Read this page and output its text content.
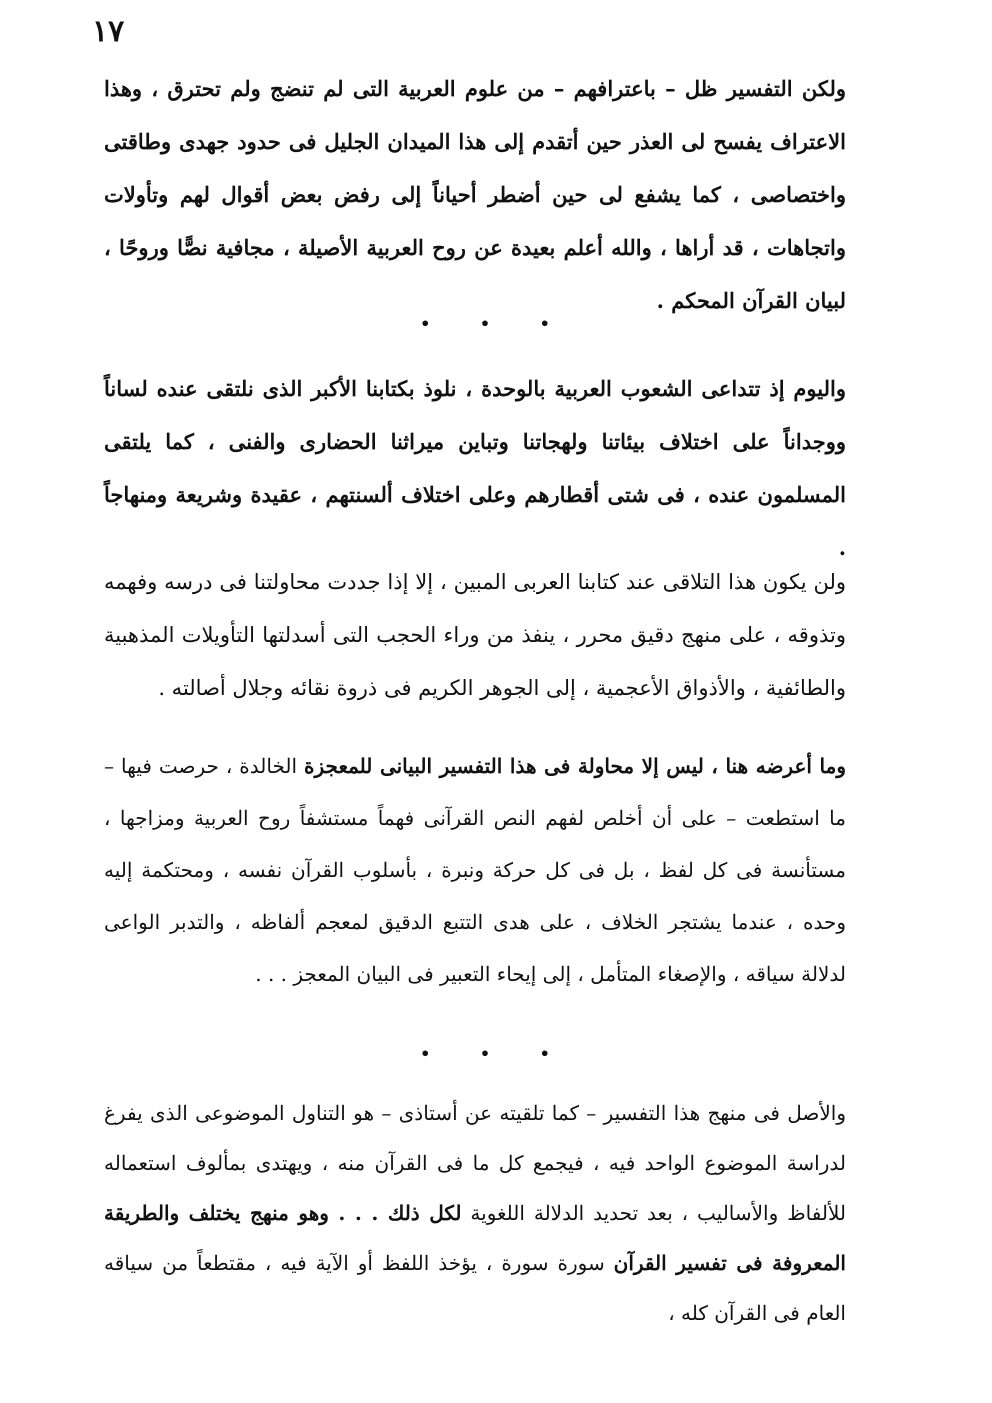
١٧
ولكن التفسير ظل – باعترافهم – من علوم العربية التى لم تنضج ولم تحترق ، وهذا الاعتراف يفسح لى العذر حين أتقدم إلى هذا الميدان الجليل فى حدود جهدى وطاقتى واختصاصى ، كما يشفع لى حين أضطر أحياناً إلى رفض بعض أقوال لهم وتأولات واتجاهات ، قد أراها ، والله أعلم بعيدة عن روح العربية الأصيلة ، مجافية نصًّا وروحًا ، لبيان القرآن المحكم .
• • •
واليوم إذ تتداعى الشعوب العربية بالوحدة ، نلوذ بكتابنا الأكبر الذى نلتقى عنده لساناً ووجداناً على اختلاف بيئاتنا ولهجاتنا وتباين ميراثنا الحضارى والفنى ، كما يلتقى المسلمون عنده ، فى شتى أقطارهم وعلى اختلاف ألسنتهم ، عقيدة وشريعة ومنهاجاً .
ولن يكون هذا التلاقى عند كتابنا العربى المبين ، إلا إذا جددت محاولتنا فى درسه وفهمه وتذوقه ، على منهج دقيق محرر ، ينفذ من وراء الحجب التى أسدلتها التأويلات المذهبية والطائفية ، والأذواق الأعجمية ، إلى الجوهر الكريم فى ذروة نقائه وجلال أصالته .
وما أعرضه هنا ، ليس إلا محاولة فى هذا التفسير البيانى للمعجزة الخالدة ، حرصت فيها – ما استطعت – على أن أخلص لفهم النص القرآنى فهماً مستشفاً روح العربية ومزاجها ، مستأنسة فى كل لفظ ، بل فى كل حركة ونبرة ، بأسلوب القرآن نفسه ، ومحتكمة إليه وحده ، عندما يشتجر الخلاف ، على هدى التتبع الدقيق لمعجم ألفاظه ، والتدبر الواعى لدلالة سياقه ، والإصغاء المتأمل ، إلى إيحاء التعبير فى البيان المعجز . . .
• • •
والأصل فى منهج هذا التفسير – كما تلقيته عن أستاذى – هو التناول الموضوعى الذى يفرغ لدراسة الموضوع الواحد فيه ، فيجمع كل ما فى القرآن منه ، ويهتدى بمألوف استعماله للألفاظ والأساليب ، بعد تحديد الدلالة اللغوية لكل ذلك . . . وهو منهج يختلف والطريقة المعروفة فى تفسير القرآن سورة سورة ، يؤخذ اللفظ أو الآية فيه ، مقتطعاً من سياقه العام فى القرآن كله ،
